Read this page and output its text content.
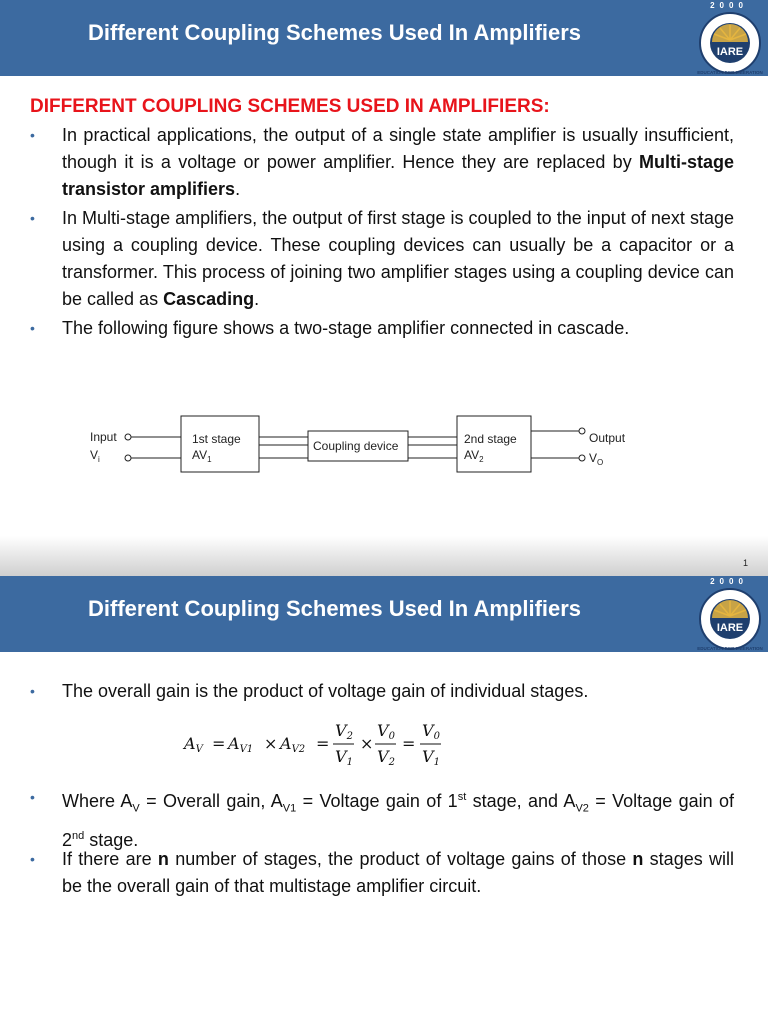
Different Coupling Schemes Used In Amplifiers
2000
IARE
EDUCATION FOR LIBERATION
DIFFERENT COUPLING SCHEMES USED IN AMPLIFIERS:
• In practical applications, the output of a single state amplifier is usually insufficient, though it is a voltage or power amplifier. Hence they are replaced by Multi-stage transistor amplifiers.
• In Multi-stage amplifiers, the output of first stage is coupled to the input of next stage using a coupling device. These coupling devices can usually be a capacitor or a transformer. This process of joining two amplifier stages using a coupling device can be called as Cascading.
• The following figure shows a two-stage amplifier connected in cascade.
Input
$V_i$
1st stage
$AV_1$
Coupling device	2nd stage
$AV_2$
Output
$V_O$
1
Different Coupling Schemes Used In Amplifiers
2000
IARE
EDUCATION FOR LIBERATION
• The overall gain is the product of voltage gain of individual stages.
AV = AV1 × AV2 =
V2
V1
×
V0
V2
=
V0
V1
• Where $A_V$ = Overall gain, $A_{V1}$ = Voltage gain of 1st stage, and $A_{V2}$ = Voltage gain of 2nd stage.
• If there are n number of stages, the product of voltage gains of those n stages will be the overall gain of that multistage amplifier circuit.
